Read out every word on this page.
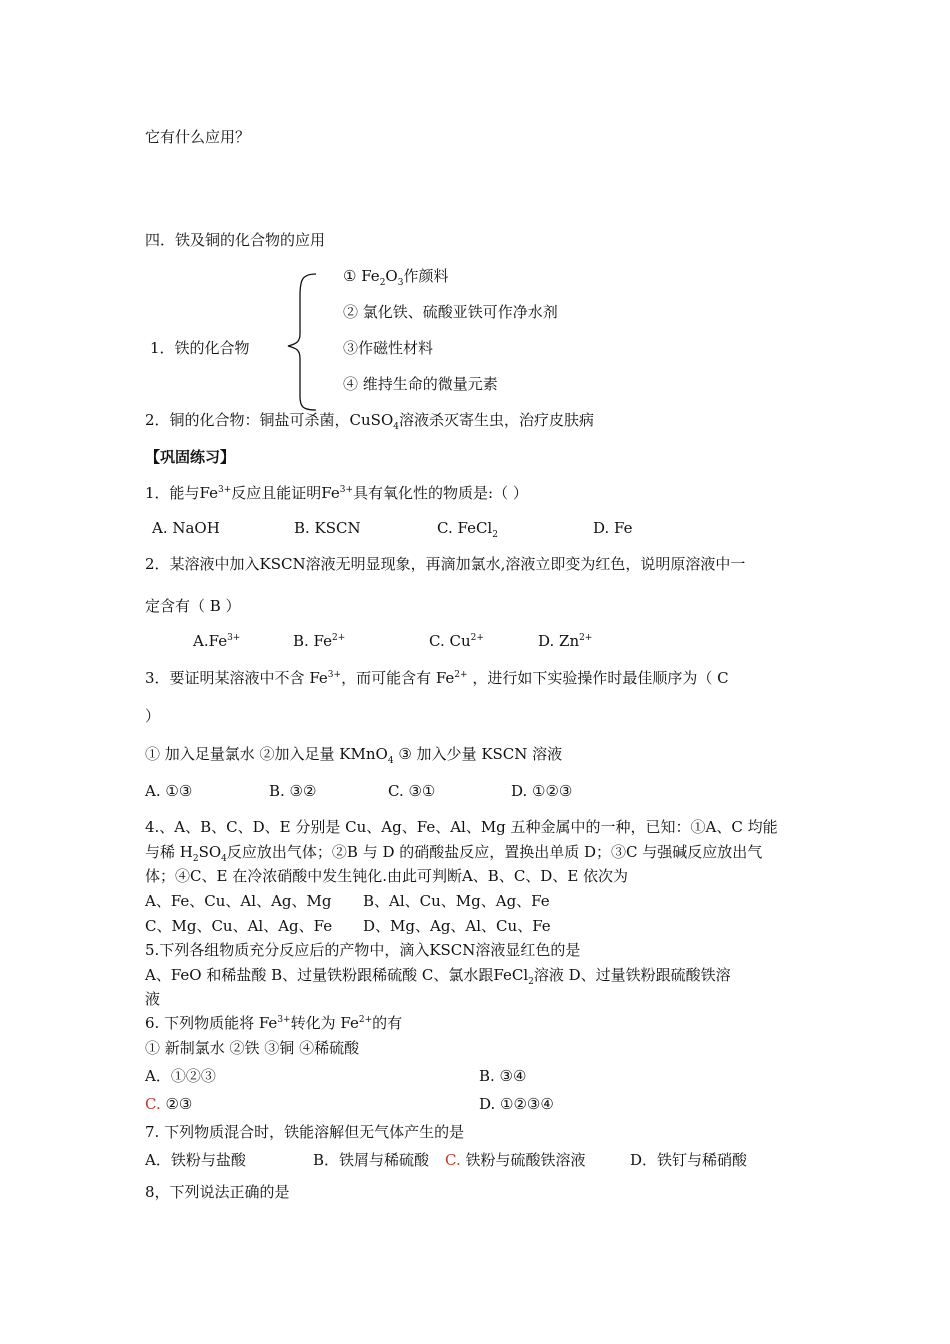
它有什么应用？
四．铁及铜的化合物的应用
① $Fe_2O_3$作颜料
② 氯化铁、硫酸亚铁可作净水剂
1．铁的化合物	③作磁性材料
④ 维持生命的微量元素
2．铜的化合物：铜盐可杀菌，CuSO$_4$溶液杀灭寄生虫，治疗皮肤病
【巩固练习】
1．能与$Fe^{3+}$反应且能证明$Fe^{3+}$具有氧化性的物质是:（ ）
A. NaOH	B. KSCN	C. FeCl$_2$	D. Fe
2．某溶液中加入KSCN溶液无明显现象，再滴加氯水,溶液立即变为红色，说明原溶液中一
定含有（ B ）
$A.Fe^{3+}$	B. $Fe^{2+}$	C. $Cu^{2+}$	D. $Zn^{2+}$
3．要证明某溶液中不含 $Fe^{3+}$，而可能含有 $Fe^{2+}$ ，进行如下实验操作时最佳顺序为（ C
）
① 加入足量氯水 ②加入足量 KMnO$_4$ ③ 加入少量 KSCN 溶液
A. ①③	B. ③②	C. ③①	D. ①②③
4.、A、B、C、D、E 分别是 Cu、Ag、Fe、Al、Mg 五种金属中的一种，已知：①A、C 均能
与稀 $H_2SO_4$反应放出气体；②B 与 D 的硝酸盐反应，置换出单质 D；③C 与强碱反应放出气
体；④C、E 在冷浓硝酸中发生钝化.由此可判断A、B、C、D、E 依次为
A、Fe、Cu、Al、Ag、Mg B、Al、Cu、Mg、Ag、Fe
C、Mg、Cu、Al、Ag、Fe D、Mg、Ag、Al、Cu、Fe
5.下列各组物质充分反应后的产物中，滴入KSCN溶液显红色的是
A、FeO 和稀盐酸 B、过量铁粉跟稀硫酸 C、氯水跟FeCl$_2$溶液 D、过量铁粉跟硫酸铁溶
液
6. 下列物质能将 $Fe^{3+}$转化为 $Fe^{2+}$的有
① 新制氯水 ②铁 ③铜 ④稀硫酸
A．①②③	B. ③④
C. ②③	D. ①②③④
7. 下列物质混合时，铁能溶解但无气体产生的是
A．铁粉与盐酸	B．铁屑与稀硫酸 C. 铁粉与硫酸铁溶液	D．铁钉与稀硝酸
8，下列说法正确的是
